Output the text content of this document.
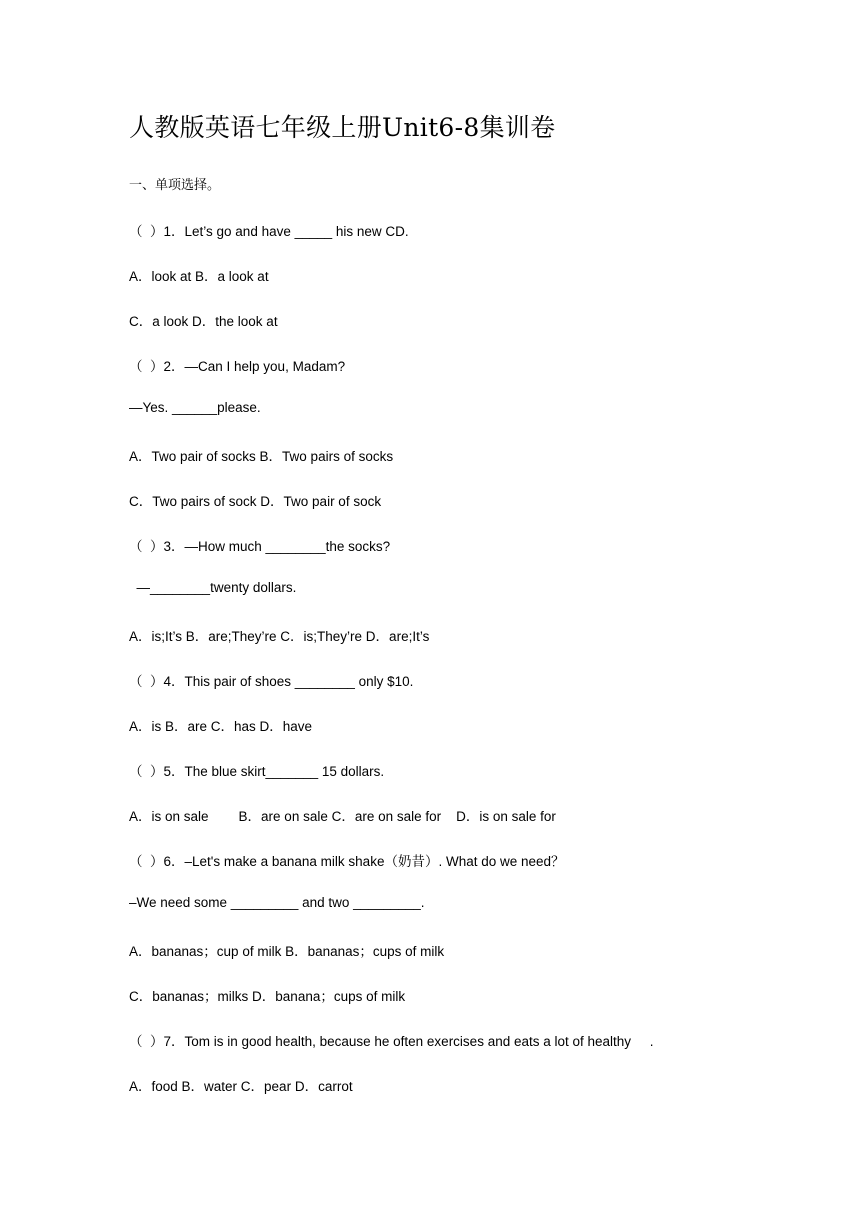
人教版英语七年级上册Unit6-8集训卷
一、单项选择。
（  ）1．Let’s go and have _____ his new CD.
A．look at B．a look at
C．a look D．the look at
（  ）2．—Can I help you, Madam?
—Yes. ______please.
A．Two pair of socks B．Two pairs of socks
C．Two pairs of sock D．Two pair of sock
（  ）3．—How much ________the socks?
—________twenty dollars.
A．is;It’s B．are;They’re C．is;They’re D．are;It’s
（  ）4．This pair of shoes ________ only $10.
A．is B．are C．has D．have
（  ）5．The blue skirt_______ 15 dollars.
A．is on sale        B．are on sale C．are on sale for    D．is on sale for
（  ）6．–Let's make a banana milk shake（奶昔）. What do we need？
–We need some _________ and two _________.
A．bananas；cup of milk B．bananas；cups of milk
C．bananas；milks D．banana；cups of milk
（  ）7．Tom is in good health, because he often exercises and eats a lot of healthy     .
A．food B．water C．pear D．carrot
